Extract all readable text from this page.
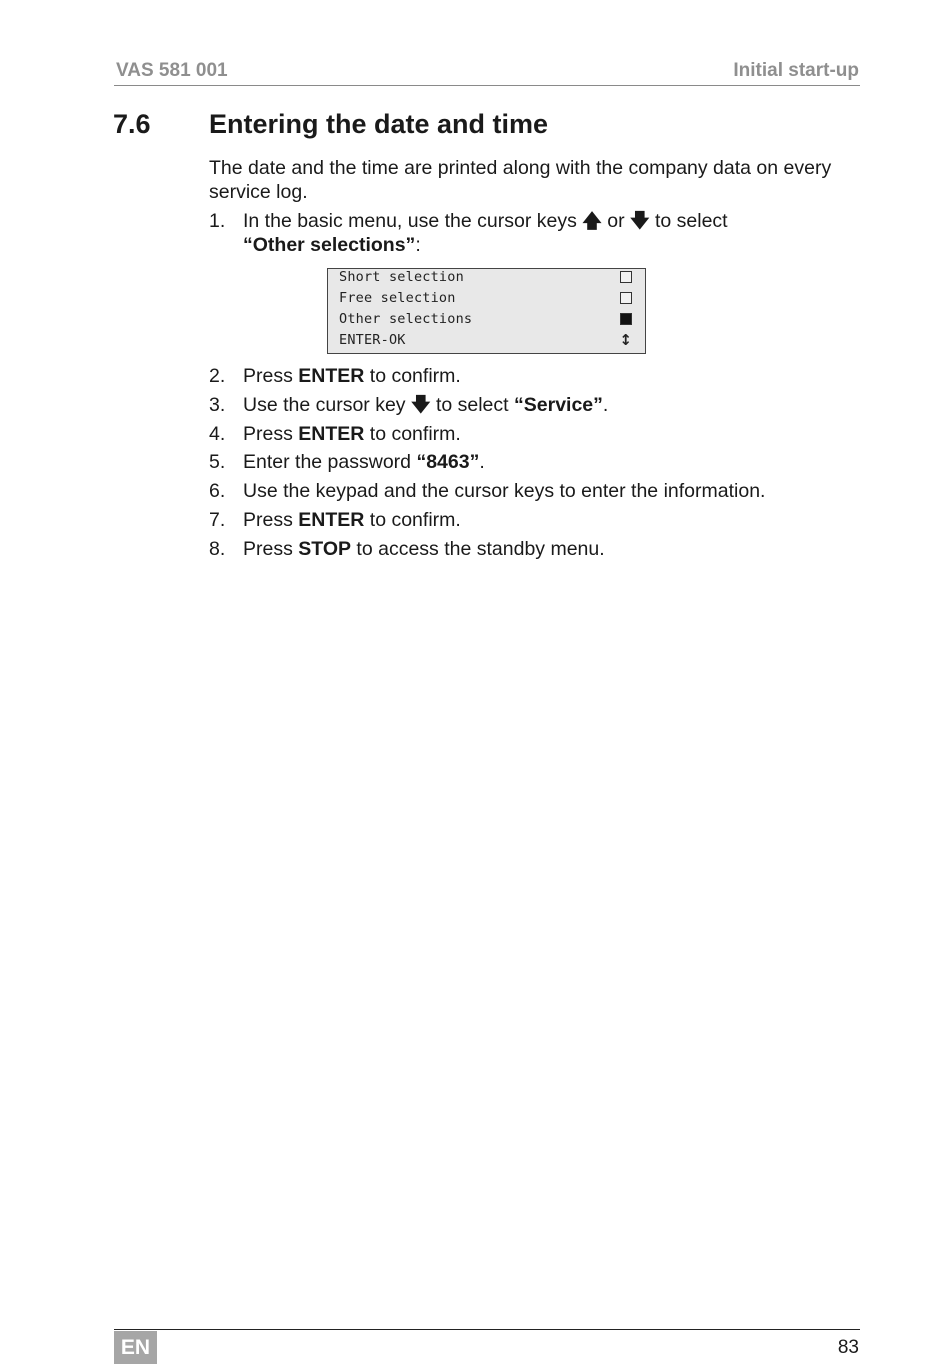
VAS 581 001	Initial start-up
7.6 Entering the date and time
The date and the time are printed along with the company data on every service log.
1. In the basic menu, use the cursor keys 🡅 or 🡇 to select
“Other selections”:
Short selection
Free selection
Other selections
ENTER-OK	↕
2. Press ENTER to confirm.
3. Use the cursor key 🡇 to select “Service”.
4. Press ENTER to confirm.
5. Enter the password “8463”.
6. Use the keypad and the cursor keys to enter the information.
7. Press ENTER to confirm.
8. Press STOP to access the standby menu.
EN	83
